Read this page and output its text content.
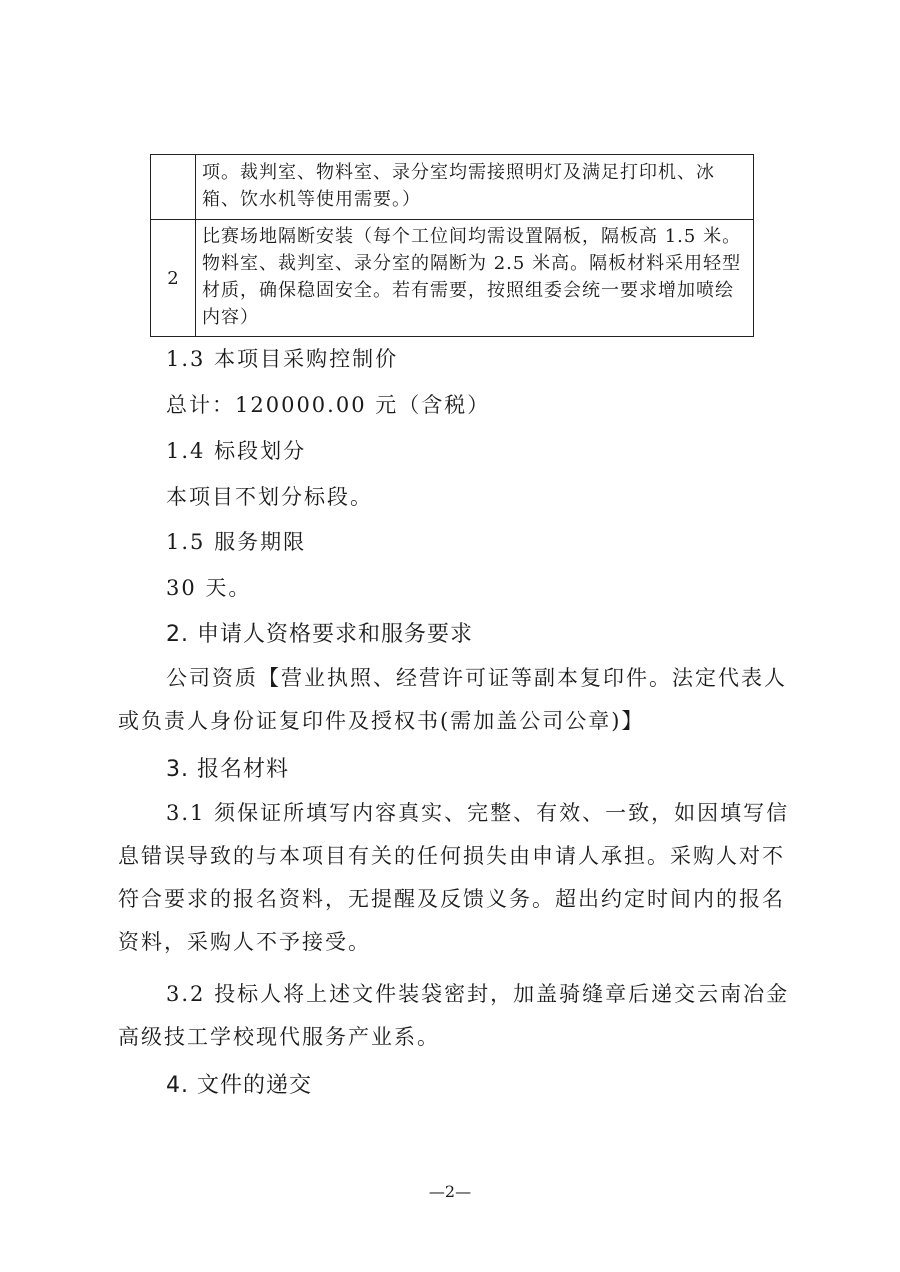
	项。裁判室、物料室、录分室均需接照明灯及满足打印机、冰箱、饮水机等使用需要。）
2	比赛场地隔断安装（每个工位间均需设置隔板，隔板高 1.5 米。物料室、裁判室、录分室的隔断为 2.5 米高。隔板材料采用轻型材质，确保稳固安全。若有需要，按照组委会统一要求增加喷绘内容）
1.3 本项目采购控制价
总计：120000.00 元（含税）
1.4 标段划分
本项目不划分标段。
1.5 服务期限
30 天。
2. 申请人资格要求和服务要求

公司资质【营业执照、经营许可证等副本复印件。法定代表人或负责人身份证复印件及授权书(需加盖公司公章)】

3. 报名材料

3.1 须保证所填写内容真实、完整、有效、一致，如因填写信息错误导致的与本项目有关的任何损失由申请人承担。采购人对不符合要求的报名资料，无提醒及反馈义务。超出约定时间内的报名资料，采购人不予接受。

3.2 投标人将上述文件装袋密封，加盖骑缝章后递交云南冶金高级技工学校现代服务产业系。

4. 文件的递交
—2—
